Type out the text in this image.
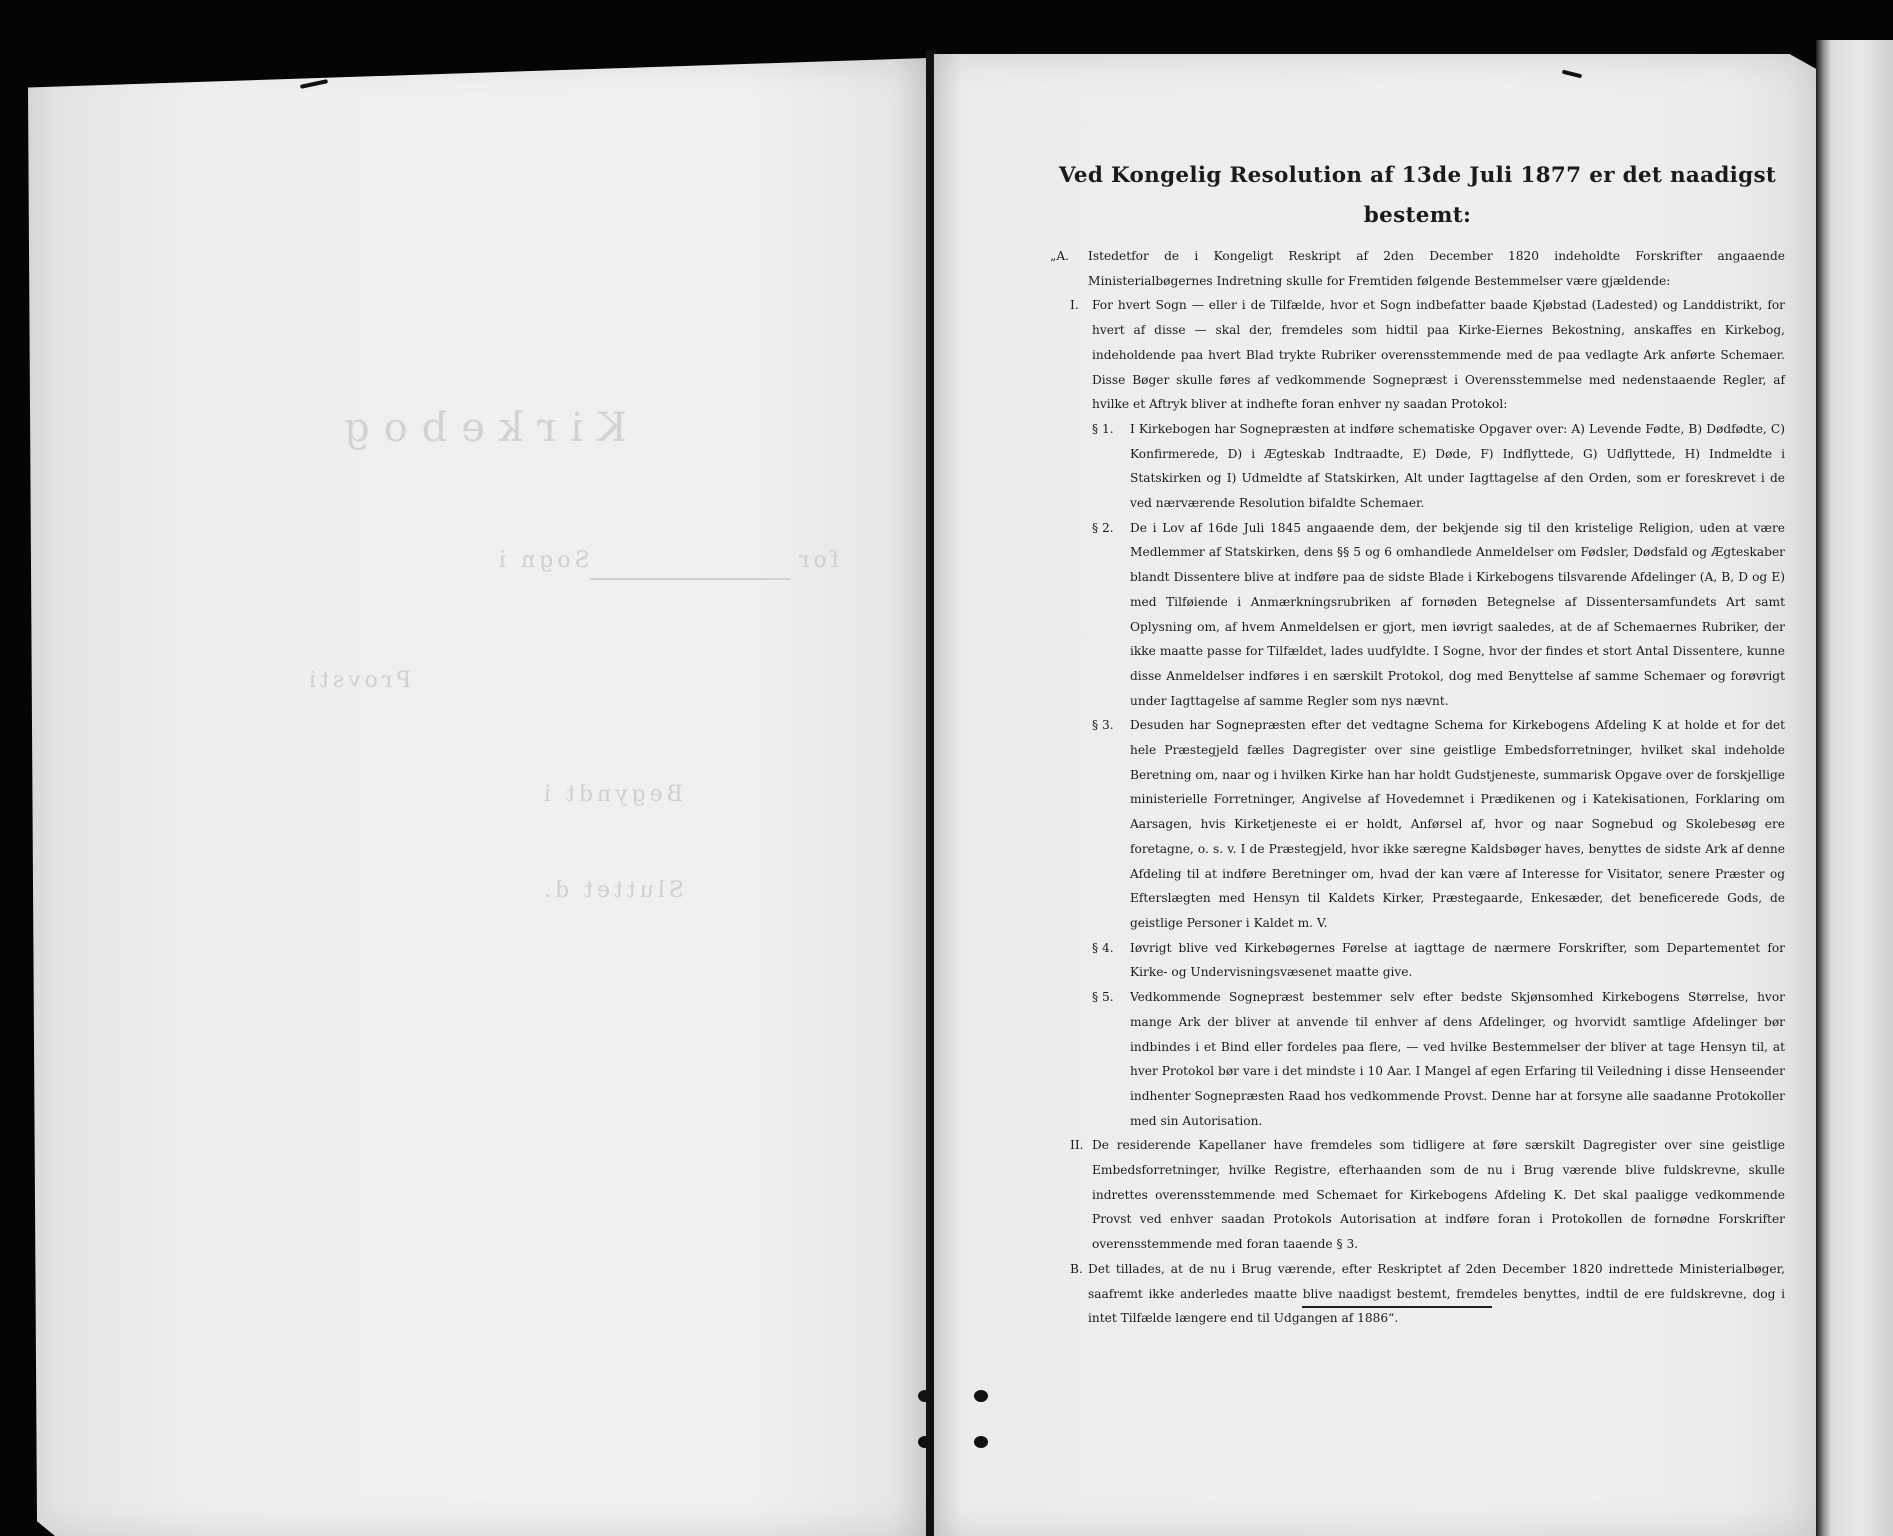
Kirkebog
for
Sogn i
Provsti
Begyndt i
Sluttet d.
Ved Kongelig Resolution af 13de Juli 1877 er det naadigst bestemt:

„A. Istedetfor de i Kongeligt Reskript af 2den December 1820 indeholdte Forskrifter angaaende Ministerialbøgernes Indretning skulle for Fremtiden følgende Bestemmelser være gjældende:

I. For hvert Sogn — eller i de Tilfælde, hvor et Sogn indbefatter baade Kjøbstad (Ladested) og Landdistrikt, for hvert af disse — skal der, fremdeles som hidtil paa Kirke-Eiernes Bekostning, anskaffes en Kirkebog, indeholdende paa hvert Blad trykte Rubriker overensstemmende med de paa vedlagte Ark anførte Schemaer. Disse Bøger skulle føres af vedkommende Sognepræst i Overensstemmelse med nedenstaaende Regler, af hvilke et Aftryk bliver at indhefte foran enhver ny saadan Protokol:

§ 1. I Kirkebogen har Sognepræsten at indføre schematiske Opgaver over: A) Levende Fødte, B) Dødfødte, C) Konfirmerede, D) i Ægteskab Indtraadte, E) Døde, F) Indflyttede, G) Udflyttede, H) Indmeldte i Statskirken og I) Udmeldte af Statskirken, Alt under Iagttagelse af den Orden, som er foreskrevet i de ved nærværende Resolution bifaldte Schemaer.

§ 2. De i Lov af 16de Juli 1845 angaaende dem, der bekjende sig til den kristelige Religion, uden at være Medlemmer af Statskirken, dens §§ 5 og 6 omhandlede Anmeldelser om Fødsler, Dødsfald og Ægteskaber blandt Dissentere blive at indføre paa de sidste Blade i Kirkebogens tilsvarende Afdelinger (A, B, D og E) med Tilføiende i Anmærkningsrubriken af fornøden Betegnelse af Dissentersamfundets Art samt Oplysning om, af hvem Anmeldelsen er gjort, men iøvrigt saaledes, at de af Schemaernes Rubriker, der ikke maatte passe for Tilfældet, lades uudfyldte. I Sogne, hvor der findes et stort Antal Dissentere, kunne disse Anmeldelser indføres i en særskilt Protokol, dog med Benyttelse af samme Schemaer og forøvrigt under Iagttagelse af samme Regler som nys nævnt.

§ 3. Desuden har Sognepræsten efter det vedtagne Schema for Kirkebogens Afdeling K at holde et for det hele Præstegjeld fælles Dagregister over sine geistlige Embedsforretninger, hvilket skal indeholde Beretning om, naar og i hvilken Kirke han har holdt Gudstjeneste, summarisk Opgave over de forskjellige ministerielle Forretninger, Angivelse af Hovedemnet i Prædikenen og i Katekisationen, Forklaring om Aarsagen, hvis Kirketjeneste ei er holdt, Anførsel af, hvor og naar Sognebud og Skolebesøg ere foretagne, o. s. v. I de Præstegjeld, hvor ikke særegne Kaldsbøger haves, benyttes de sidste Ark af denne Afdeling til at indføre Beretninger om, hvad der kan være af Interesse for Visitator, senere Præster og Efterslægten med Hensyn til Kaldets Kirker, Præstegaarde, Enkesæder, det beneficerede Gods, de geistlige Personer i Kaldet m. V.

§ 4. Iøvrigt blive ved Kirkebøgernes Førelse at iagttage de nærmere Forskrifter, som Departementet for Kirke- og Undervisningsvæsenet maatte give.

§ 5. Vedkommende Sognepræst bestemmer selv efter bedste Skjønsomhed Kirkebogens Størrelse, hvor mange Ark der bliver at anvende til enhver af dens Afdelinger, og hvorvidt samtlige Afdelinger bør indbindes i et Bind eller fordeles paa flere, — ved hvilke Bestemmelser der bliver at tage Hensyn til, at hver Protokol bør vare i det mindste i 10 Aar. I Mangel af egen Erfaring til Veiledning i disse Henseender indhenter Sognepræsten Raad hos vedkommende Provst. Denne har at forsyne alle saadanne Protokoller med sin Autorisation.

II. De residerende Kapellaner have fremdeles som tidligere at føre særskilt Dagregister over sine geistlige Embedsforretninger, hvilke Registre, efterhaanden som de nu i Brug værende blive fuldskrevne, skulle indrettes overensstemmende med Schemaet for Kirkebogens Afdeling K. Det skal paaligge vedkommende Provst ved enhver saadan Protokols Autorisation at indføre foran i Protokollen de fornødne Forskrifter overensstemmende med foran taaende § 3.

B. Det tillades, at de nu i Brug værende, efter Reskriptet af 2den December 1820 indrettede Ministerialbøger, saafremt ikke anderledes maatte blive naadigst bestemt, fremdeles benyttes, indtil de ere fuldskrevne, dog i intet Tilfælde længere end til Udgangen af 1886“.
